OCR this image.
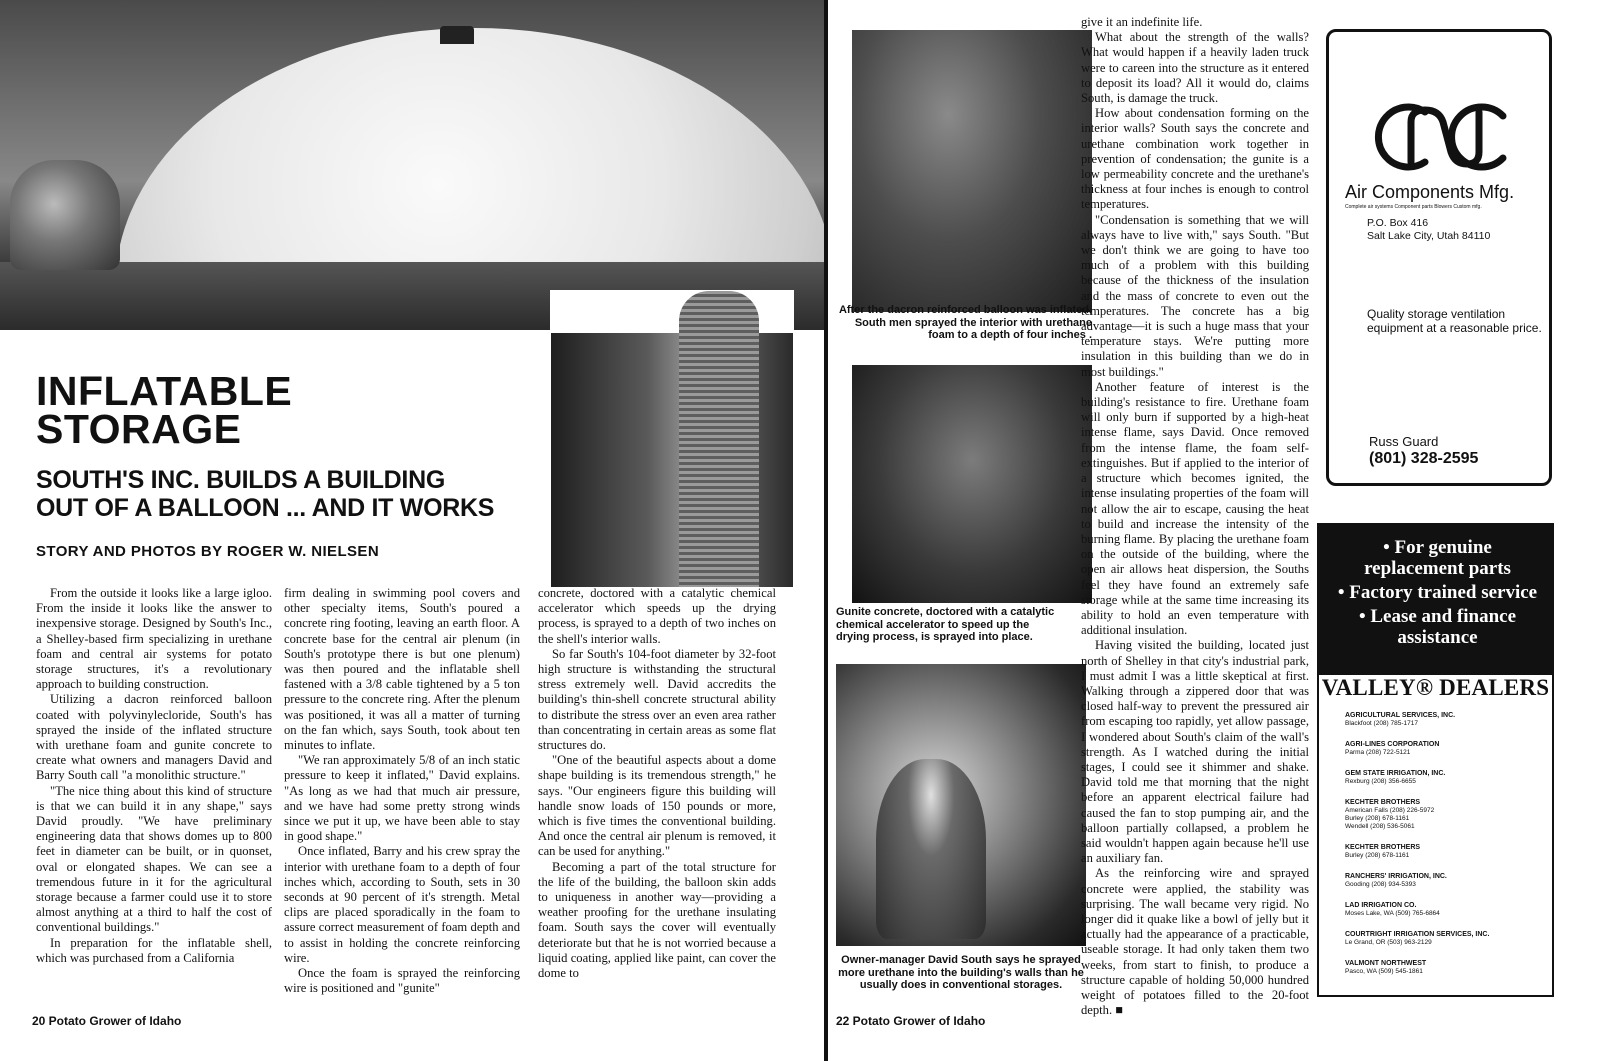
INFLATABLE
STORAGE
SOUTH'S INC. BUILDS A BUILDING
OUT OF A BALLOON ... AND IT WORKS
STORY AND PHOTOS BY ROGER W. NIELSEN

From the outside it looks like a large igloo. From the inside it looks like the answer to inexpensive storage. Designed by South's Inc., a Shelley-based firm specializing in urethane foam and central air systems for potato storage structures, it's a revolutionary approach to building construction.

Utilizing a dacron reinforced balloon coated with polyvinylecloride, South's has sprayed the inside of the inflated structure with urethane foam and gunite concrete to create what owners and managers David and Barry South call "a monolithic structure."

"The nice thing about this kind of structure is that we can build it in any shape," says David proudly. "We have preliminary engineering data that shows domes up to 800 feet in diameter can be built, or in quonset, oval or elongated shapes. We can see a tremendous future in it for the agricultural storage because a farmer could use it to store almost anything at a third to half the cost of conventional buildings."

In preparation for the inflatable shell, which was purchased from a California

firm dealing in swimming pool covers and other specialty items, South's poured a concrete ring footing, leaving an earth floor. A concrete base for the central air plenum (in South's prototype there is but one plenum) was then poured and the inflatable shell fastened with a 3/8 cable tightened by a 5 ton pressure to the concrete ring. After the plenum was positioned, it was all a matter of turning on the fan which, says South, took about ten minutes to inflate.

"We ran approximately 5/8 of an inch static pressure to keep it inflated," David explains. "As long as we had that much air pressure, and we have had some pretty strong winds since we put it up, we have been able to stay in good shape."

Once inflated, Barry and his crew spray the interior with urethane foam to a depth of four inches which, according to South, sets in 30 seconds at 90 percent of it's strength. Metal clips are placed sporadically in the foam to assure correct measurement of foam depth and to assist in holding the concrete reinforcing wire.

Once the foam is sprayed the reinforcing wire is positioned and "gunite"

concrete, doctored with a catalytic chemical accelerator which speeds up the drying process, is sprayed to a depth of two inches on the shell's interior walls.

So far South's 104-foot diameter by 32-foot high structure is withstanding the structural stress extremely well. David accredits the building's thin-shell concrete structural ability to distribute the stress over an even area rather than concentrating in certain areas as some flat structures do.

"One of the beautiful aspects about a dome shape building is its tremendous strength," he says. "Our engineers figure this building will handle snow loads of 150 pounds or more, which is five times the conventional building. And once the central air plenum is removed, it can be used for anything."

Becoming a part of the total structure for the life of the building, the balloon skin adds to uniqueness in another way—providing a weather proofing for the urethane insulating foam. South says the cover will eventually deteriorate but that he is not worried because a liquid coating, applied like paint, can cover the dome to

20 Potato Grower of Idaho
After the dacron reinforced balloon was inflated, South men sprayed the interior with urethane foam to a depth of four inches .
Gunite concrete, doctored with a catalytic chemical accelerator to speed up the drying process, is sprayed into place.
Owner-manager David South says he sprayed more urethane into the building's walls than he usually does in conventional storages.

give it an indefinite life.

What about the strength of the walls? What would happen if a heavily laden truck were to careen into the structure as it entered to deposit its load? All it would do, claims South, is damage the truck.

How about condensation forming on the interior walls? South says the concrete and urethane combination work together in prevention of condensation; the gunite is a low permeability concrete and the urethane's thickness at four inches is enough to control temperatures.

"Condensation is something that we will always have to live with," says South. "But we don't think we are going to have too much of a problem with this building because of the thickness of the insulation and the mass of concrete to even out the temperatures. The concrete has a big advantage—it is such a huge mass that your temperature stays. We're putting more insulation in this building than we do in most buildings."

Another feature of interest is the building's resistance to fire. Urethane foam will only burn if supported by a high-heat intense flame, says David. Once removed from the intense flame, the foam self-extinguishes. But if applied to the interior of a structure which becomes ignited, the intense insulating properties of the foam will not allow the air to escape, causing the heat to build and increase the intensity of the burning flame. By placing the urethane foam on the outside of the building, where the open air allows heat dispersion, the Souths feel they have found an extremely safe storage while at the same time increasing its ability to hold an even temperature with additional insulation.

Having visited the building, located just north of Shelley in that city's industrial park, I must admit I was a little skeptical at first. Walking through a zippered door that was closed half-way to prevent the pressured air from escaping too rapidly, yet allow passage, I wondered about South's claim of the wall's strength. As I watched during the initial stages, I could see it shimmer and shake. David told me that morning that the night before an apparent electrical failure had caused the fan to stop pumping air, and the balloon partially collapsed, a problem he said wouldn't happen again because he'll use an auxiliary fan.

As the reinforcing wire and sprayed concrete were applied, the stability was surprising. The wall became very rigid. No longer did it quake like a bowl of jelly but it actually had the appearance of a practicable, useable storage. It had only taken them two weeks, from start to finish, to produce a structure capable of holding 50,000 hundred weight of potatoes filled to the 20-foot depth. ■

Air Components Mfg.
Complete air systems Component parts Blowers Custom mfg.
P.O. Box 416
Salt Lake City, Utah 84110
Quality storage ventilation equipment at a reasonable price.
Russ Guard
(801) 328-2595
• For genuine replacement parts
• Factory trained service
• Lease and finance assistance
VALLEY® DEALERS
AGRICULTURAL SERVICES, INC.
Blackfoot (208) 785-1717
AGRI-LINES CORPORATION
Parma (208) 722-5121
GEM STATE IRRIGATION, INC.
Rexburg (208) 356-6655
KECHTER BROTHERS
American Falls (208) 226-5972
Burley (208) 678-1161
Wendell (208) 536-5061
KECHTER BROTHERS
Burley (208) 678-1161
RANCHERS' IRRIGATION, INC.
Gooding (208) 934-5393
LAD IRRIGATION CO.
Moses Lake, WA (509) 765-6864
COURTRIGHT IRRIGATION SERVICES, INC.
Le Grand, OR (503) 963-2129
VALMONT NORTHWEST
Pasco, WA (509) 545-1861
22 Potato Grower of Idaho
